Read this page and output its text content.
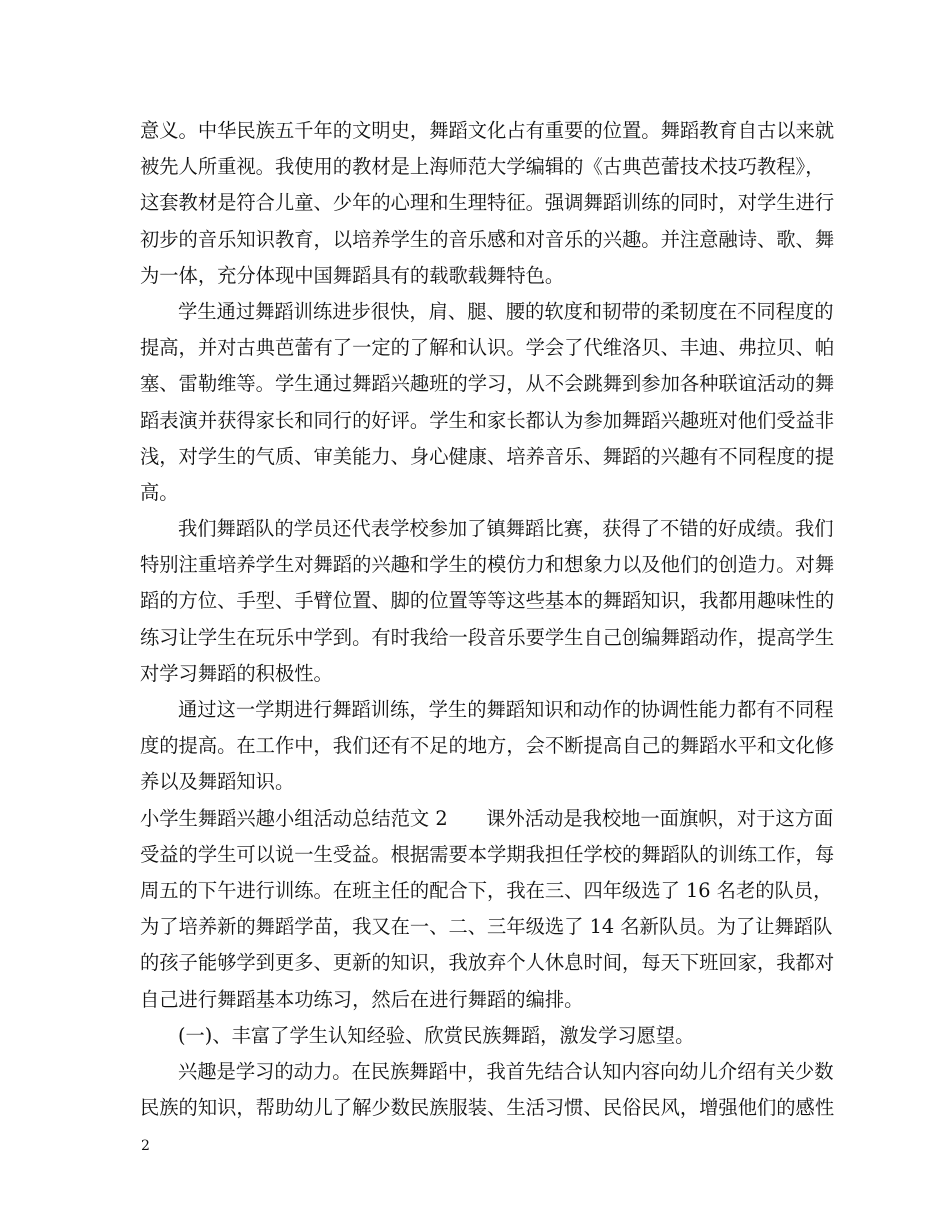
意义。中华民族五千年的文明史，舞蹈文化占有重要的位置。舞蹈教育自古以来就
被先人所重视。我使用的教材是上海师范大学编辑的《古典芭蕾技术技巧教程》，
这套教材是符合儿童、少年的心理和生理特征。强调舞蹈训练的同时，对学生进行
初步的音乐知识教育，以培养学生的音乐感和对音乐的兴趣。并注意融诗、歌、舞
为一体，充分体现中国舞蹈具有的载歌载舞特色。
学生通过舞蹈训练进步很快，肩、腿、腰的软度和韧带的柔韧度在不同程度的
提高，并对古典芭蕾有了一定的了解和认识。学会了代维洛贝、丰迪、弗拉贝、帕
塞、雷勒维等。学生通过舞蹈兴趣班的学习，从不会跳舞到参加各种联谊活动的舞
蹈表演并获得家长和同行的好评。学生和家长都认为参加舞蹈兴趣班对他们受益非
浅，对学生的气质、审美能力、身心健康、培养音乐、舞蹈的兴趣有不同程度的提
高。
我们舞蹈队的学员还代表学校参加了镇舞蹈比赛，获得了不错的好成绩。我们
特别注重培养学生对舞蹈的兴趣和学生的模仿力和想象力以及他们的创造力。对舞
蹈的方位、手型、手臂位置、脚的位置等等这些基本的舞蹈知识，我都用趣味性的
练习让学生在玩乐中学到。有时我给一段音乐要学生自己创编舞蹈动作，提高学生
对学习舞蹈的积极性。
通过这一学期进行舞蹈训练，学生的舞蹈知识和动作的协调性能力都有不同程
度的提高。在工作中，我们还有不足的地方，会不断提高自己的舞蹈水平和文化修
养以及舞蹈知识。
小学生舞蹈兴趣小组活动总结范文 2　　课外活动是我校地一面旗帜，对于这方面
受益的学生可以说一生受益。根据需要本学期我担任学校的舞蹈队的训练工作，每
周五的下午进行训练。在班主任的配合下，我在三、四年级选了 16 名老的队员，
为了培养新的舞蹈学苗，我又在一、二、三年级选了 14 名新队员。为了让舞蹈队
的孩子能够学到更多、更新的知识，我放弃个人休息时间，每天下班回家，我都对
自己进行舞蹈基本功练习，然后在进行舞蹈的编排。
(一)、丰富了学生认知经验、欣赏民族舞蹈，激发学习愿望。
兴趣是学习的动力。在民族舞蹈中，我首先结合认知内容向幼儿介绍有关少数
民族的知识，帮助幼儿了解少数民族服装、生活习惯、民俗民风，增强他们的感性
2
